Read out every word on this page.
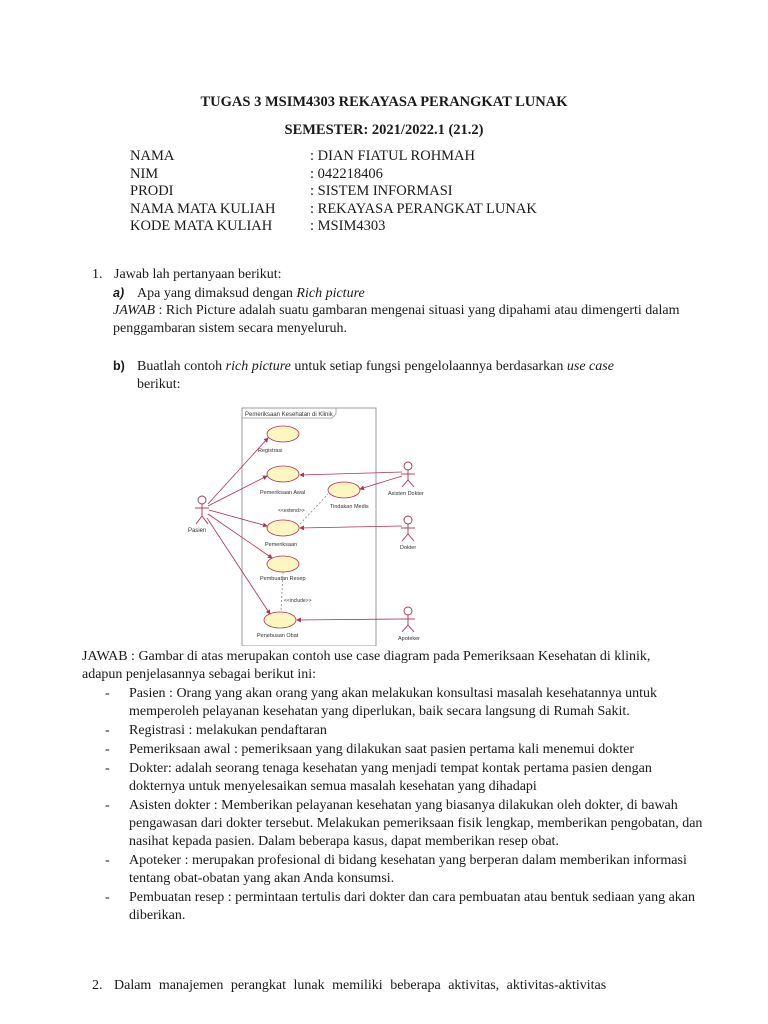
TUGAS 3 MSIM4303 REKAYASA PERANGKAT LUNAK
SEMESTER: 2021/2022.1 (21.2)
NAMA	: DIAN FIATUL ROHMAH
NIM	: 042218406
PRODI	: SISTEM INFORMASI
NAMA MATA KULIAH	: REKAYASA PERANGKAT LUNAK
KODE MATA KULIAH	: MSIM4303
1. Jawab lah pertanyaan berikut:
a) Apa yang dimaksud dengan Rich picture
JAWAB : Rich Picture adalah suatu gambaran mengenai situasi yang dipahami atau dimengerti dalam penggambaran sistem secara menyeluruh.
b) Buatlah contoh rich picture untuk setiap fungsi pengelolaannya berdasarkan use case
berikut:
Pemeriksaan Kesehatan di Klinik
Registrasi
Pemeriksaan Awal
Tindakan Medis
Pemeriksaan
Pembuatan Resep
Penebusan Obat
Pasien
Asisten Dokter
Dokter
Apoteker
<<extend>>
<<include>>
JAWAB : Gambar di atas merupakan contoh use case diagram pada Pemeriksaan Kesehatan di klinik, adapun penjelasannya sebagai berikut ini:
- Pasien : Orang yang akan orang yang akan melakukan konsultasi masalah kesehatannya untuk memperoleh pelayanan kesehatan yang diperlukan, baik secara langsung di Rumah Sakit.
- Registrasi : melakukan pendaftaran
- Pemeriksaan awal : pemeriksaan yang dilakukan saat pasien pertama kali menemui dokter
- Dokter: adalah seorang tenaga kesehatan yang menjadi tempat kontak pertama pasien dengan dokternya untuk menyelesaikan semua masalah kesehatan yang dihadapi
- Asisten dokter : Memberikan pelayanan kesehatan yang biasanya dilakukan oleh dokter, di bawah pengawasan dari dokter tersebut. Melakukan pemeriksaan fisik lengkap, memberikan pengobatan, dan nasihat kepada pasien. Dalam beberapa kasus, dapat memberikan resep obat.
- Apoteker : merupakan profesional di bidang kesehatan yang berperan dalam memberikan informasi tentang obat-obatan yang akan Anda konsumsi.
- Pembuatan resep : permintaan tertulis dari dokter dan cara pembuatan atau bentuk sediaan yang akan diberikan.
2. Dalam manajemen perangkat lunak memiliki beberapa aktivitas, aktivitas-aktivitas
